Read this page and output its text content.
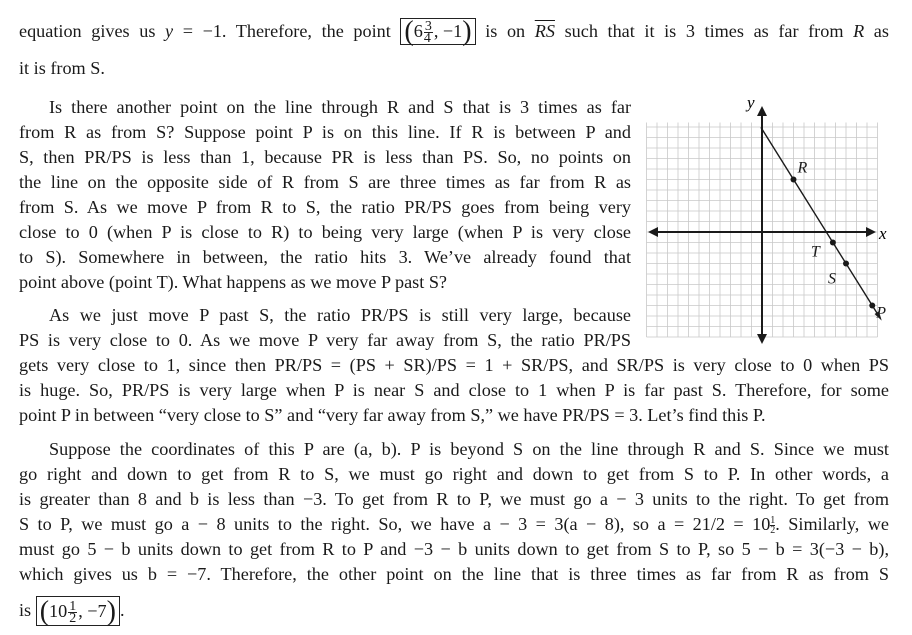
equation gives us y = −1. Therefore, the point ($6 \frac{3}{4}$ , −1) is on $\overline{RS}$ such that it is 3 times as far from R as
it is from S.
Is there another point on the line through R and S that is 3 times as far
from R as from S? Suppose point P is on this line. If R is between P and
S, then PR/PS is less than 1, because PR is less than PS. So, no points on
the line on the opposite side of R from S are three times as far from R as
from S. As we move P from R to S, the ratio PR/PS goes from being very
close to 0 (when P is close to R) to being very large (when P is very close
to S). Somewhere in between, the ratio hits 3. We’ve already found that
point above (point T). What happens as we move P past S?
As we just move P past S, the ratio PR/PS is still very large, because
PS is very close to 0. As we move P very far away from S, the ratio PR/PS
gets very close to 1, since then PR/PS = (PS + SR)/PS = 1 + SR/PS, and SR/PS is very close to 0 when PS
is huge. So, PR/PS is very large when P is near S and close to 1 when P is far past S. Therefore, for some
point P in between “very close to S” and “very far away from S,” we have PR/PS = 3. Let’s find this P.
Suppose the coordinates of this P are (a, b). P is beyond S on the line through R and S. Since we must
go right and down to get from R to S, we must go right and down to get from S to P. In other words, a
is greater than 8 and b is less than −3. To get from R to P, we must go a − 3 units to the right. To get from
S to P, we must go a − 8 units to the right. So, we have a − 3 = 3(a − 8), so $a = 21/2 = 10 \frac{1}{2}$ . Similarly, we
must go 5 − b units down to get from R to P and −3 − b units down to get from S to P, so 5 − b = 3(−3 − b),
which gives us b = −7. Therefore, the other point on the line that is three times as far from R as from S
is ($10 \frac{1}{2}$ , −7) .
R
T
S
P
x
y
